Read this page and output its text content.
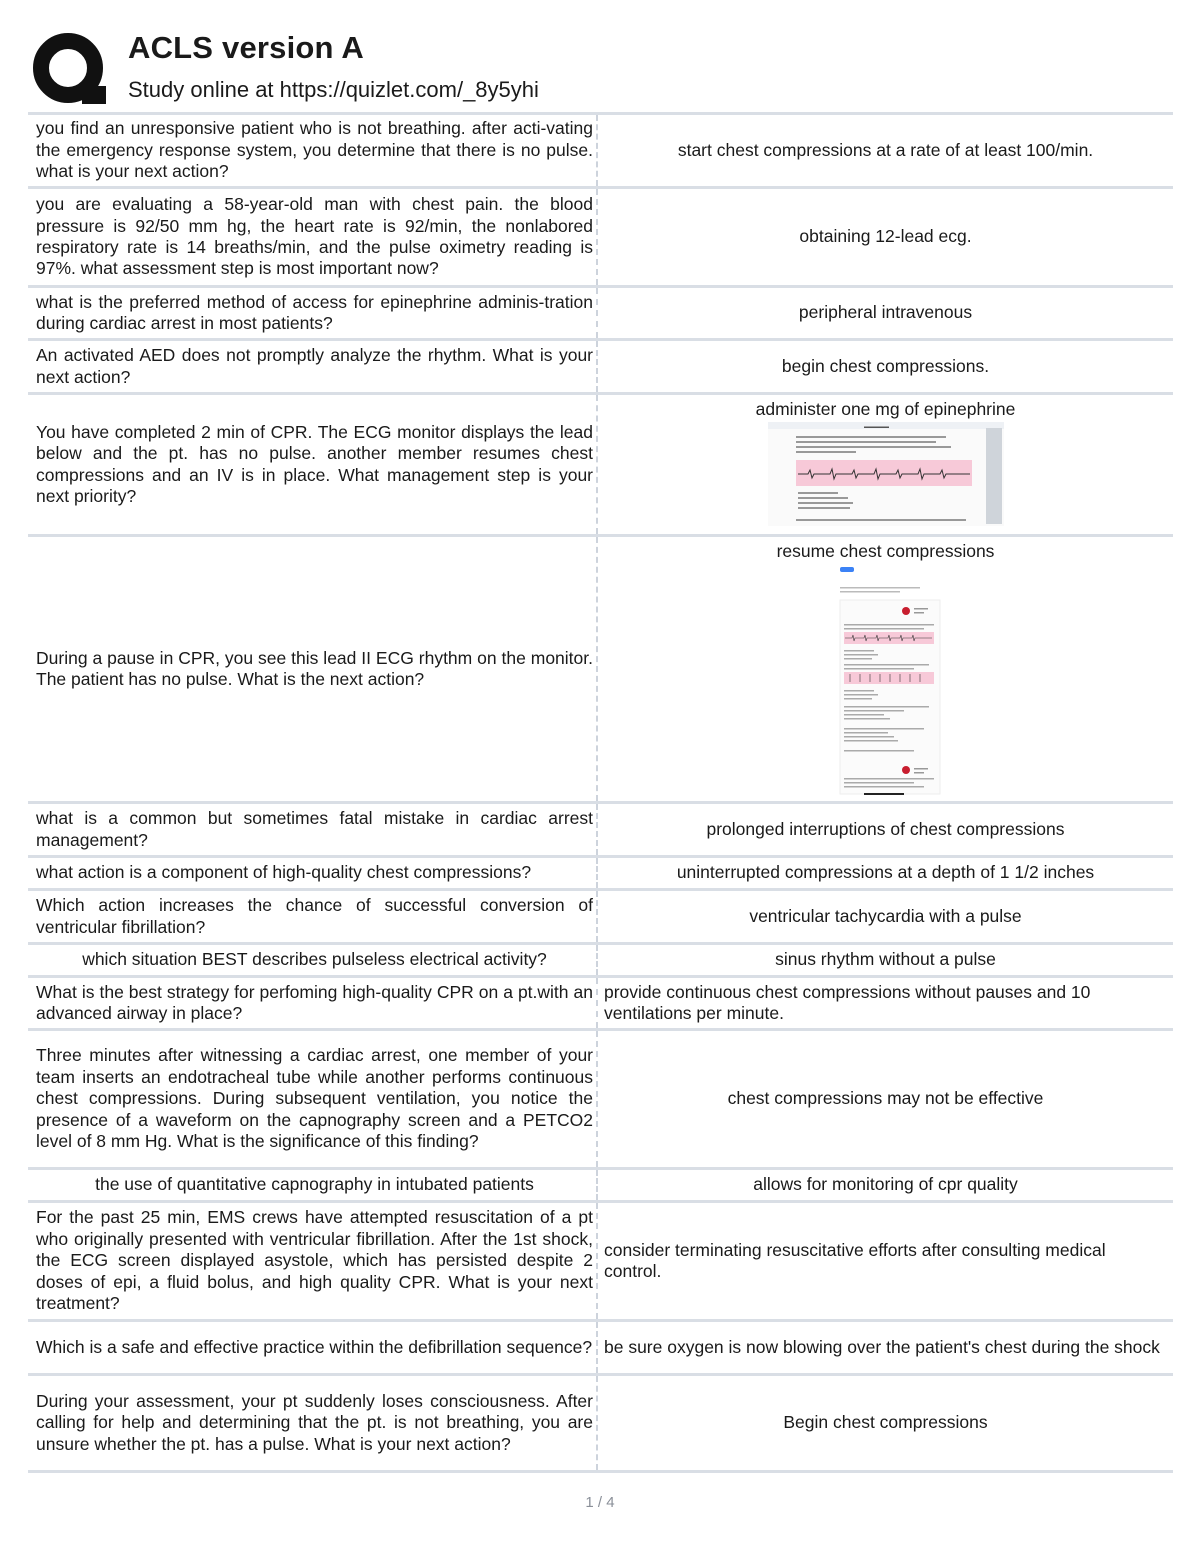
ACLS version A
Study online at https://quizlet.com/_8y5yhi
you find an unresponsive patient who is not breathing. after acti-vating the emergency response system, you determine that there is no pulse. what is your next action?
start chest compressions at a rate of at least 100/min.
you are evaluating a 58-year-old man with chest pain. the blood pressure is 92/50 mm hg, the heart rate is 92/min, the nonlabored respiratory rate is 14 breaths/min, and the pulse oximetry reading is 97%. what assessment step is most important now?
obtaining 12-lead ecg.
what is the preferred method of access for epinephrine adminis-tration during cardiac arrest in most patients?
peripheral intravenous
An activated AED does not promptly analyze the rhythm. What is your next action?
begin chest compressions.
You have completed 2 min of CPR. The ECG monitor displays the lead below and the pt. has no pulse. another member resumes chest compressions and an IV is in place. What management step is your next priority?
administer one mg of epinephrine
▬▬▬▬▬
During a pause in CPR, you see this lead II ECG rhythm on the monitor. The patient has no pulse. What is the next action?
resume chest compressions
what is a common but sometimes fatal mistake in cardiac arrest management?
prolonged interruptions of chest compressions
what action is a component of high-quality chest compressions?	uninterrupted compressions at a depth of 1 1/2 inches
Which action increases the chance of successful conversion of ventricular fibrillation?
ventricular tachycardia with a pulse
which situation BEST describes pulseless electrical activity?	sinus rhythm without a pulse
What is the best strategy for perfoming high-quality CPR on a pt.with an advanced airway in place?
provide continuous chest compressions without pauses and 10 ventilations per minute.
Three minutes after witnessing a cardiac arrest, one member of your team inserts an endotracheal tube while another performs continuous chest compressions. During subsequent ventilation, you notice the presence of a waveform on the capnography screen and a PETCO2 level of 8 mm Hg. What is the significance of this finding?
chest compressions may not be effective
the use of quantitative capnography in intubated patients	allows for monitoring of cpr quality
For the past 25 min, EMS crews have attempted resuscitation of a pt who originally presented with ventricular fibrillation. After the 1st shock, the ECG screen displayed asystole, which has persisted despite 2 doses of epi, a fluid bolus, and high quality CPR. What is your next treatment?
consider terminating resuscitative efforts after consulting medical control.
Which is a safe and effective practice within the defibrillation sequence? be sure oxygen is now blowing over the patient's chest during the shock
During your assessment, your pt suddenly loses consciousness. After calling for help and determining that the pt. is not breathing, you are unsure whether the pt. has a pulse. What is your next action?
Begin chest compressions
1 / 4
